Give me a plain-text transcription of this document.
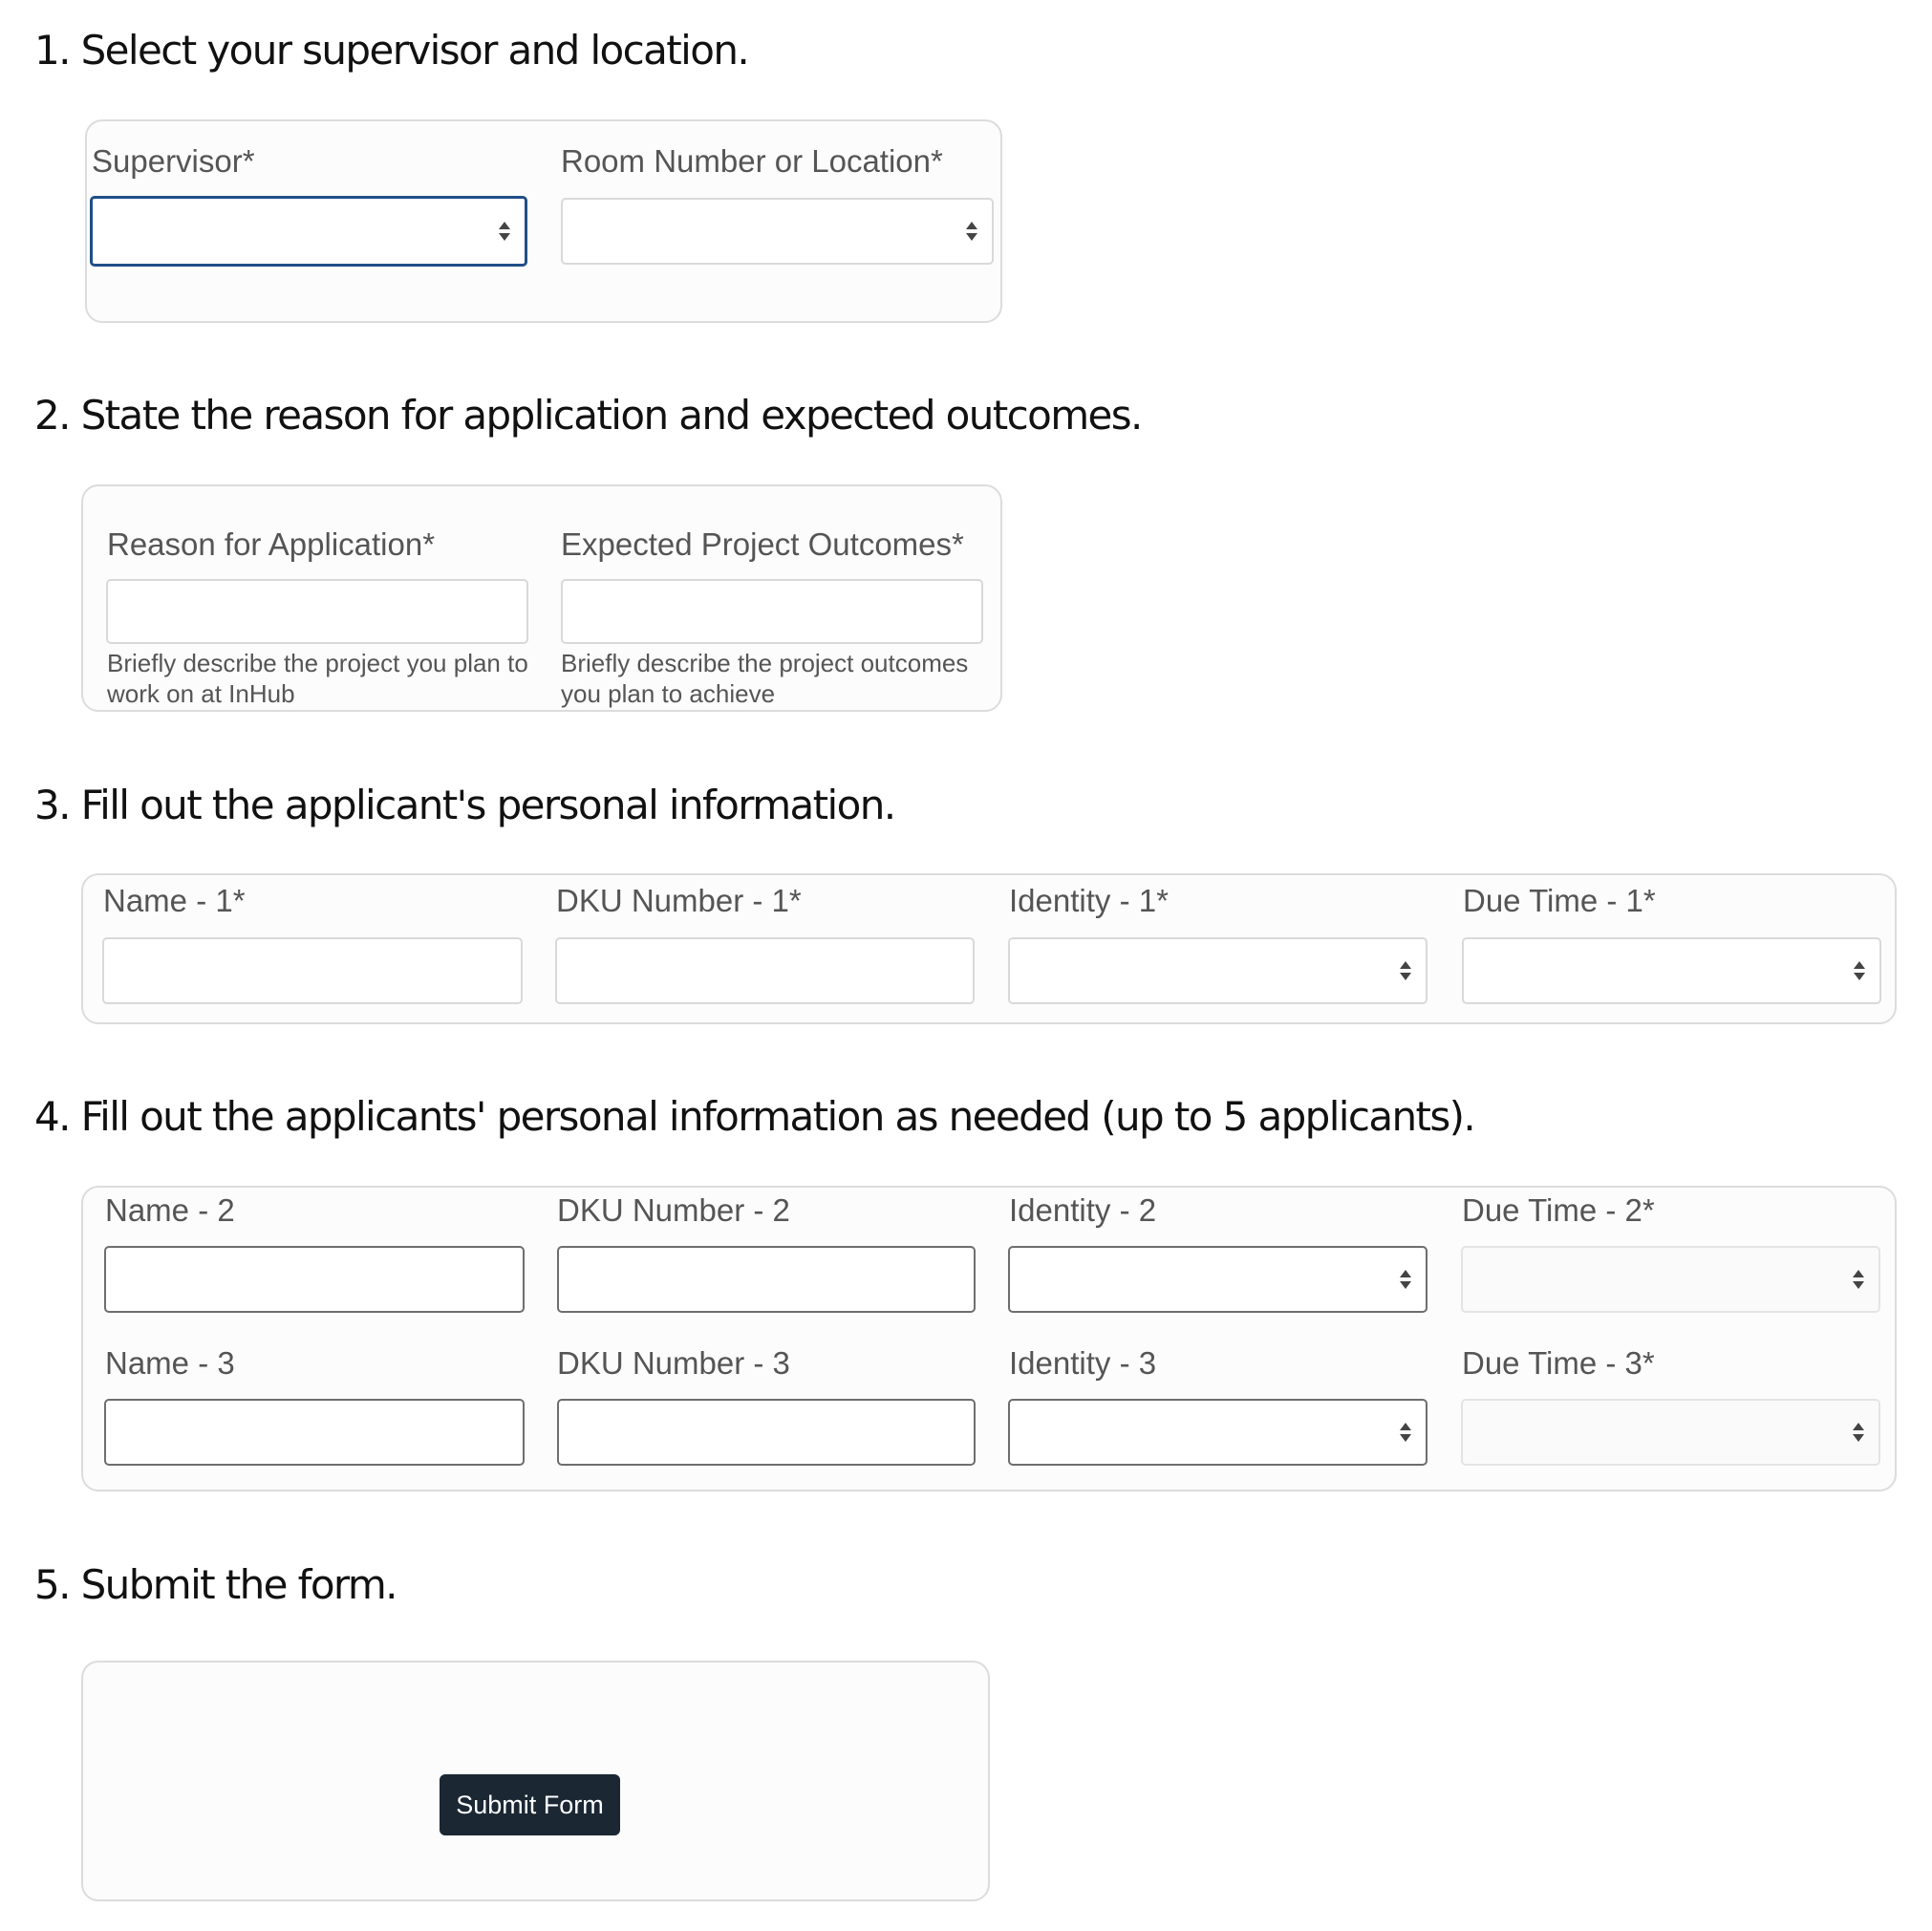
1. Select your supervisor and location.
Supervisor*	Room Number or Location*
2. State the reason for application and expected outcomes.
Reason for Application*
Briefly describe the project you plan to work on at InHub
Expected Project Outcomes*
Briefly describe the project outcomes you plan to achieve
3. Fill out the applicant's personal information.
Name - 1*	DKU Number - 1*	Identity - 1*	Due Time - 1*
4. Fill out the applicants' personal information as needed (up to 5 applicants).
Name - 2	DKU Number - 2	Identity - 2	Due Time - 2*
Name - 3	DKU Number - 3	Identity - 3	Due Time - 3*
5. Submit the form.
Submit Form
